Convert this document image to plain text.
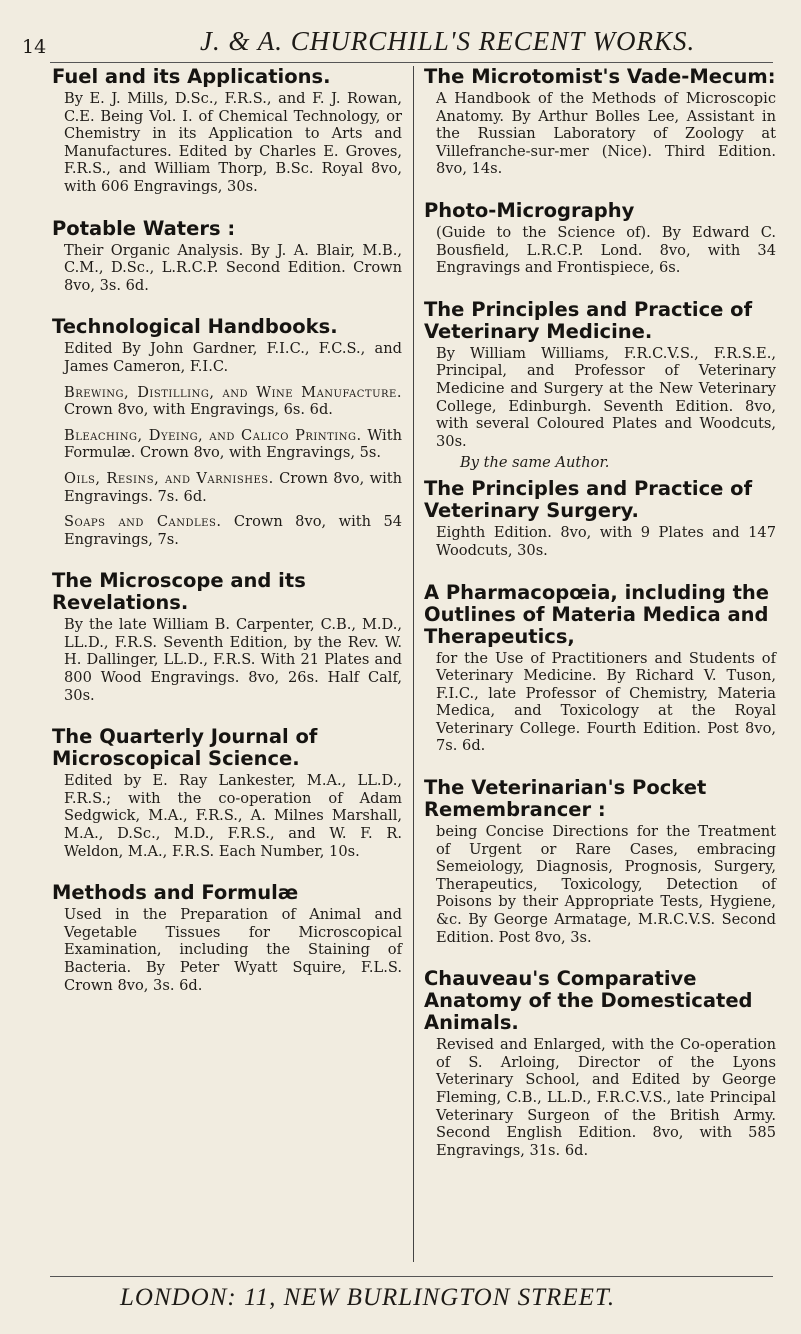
14	J. & A. CHURCHILL'S RECENT WORKS.
Fuel and its Applications.

By E. J. Mills, D.Sc., F.R.S., and F. J. Rowan, C.E. Being Vol. I. of Chemical Technology, or Chemistry in its Application to Arts and Manufactures. Edited by Charles E. Groves, F.R.S., and William Thorp, B.Sc. Royal 8vo, with 606 Engravings, 30s.

Potable Waters :

Their Organic Analysis. By J. A. Blair, M.B., C.M., D.Sc., L.R.C.P. Second Edition. Crown 8vo, 3s. 6d.

Technological Handbooks.

Edited By John Gardner, F.I.C., F.C.S., and James Cameron, F.I.C.

Brewing, Distilling, and Wine Manufacture. Crown 8vo, with Engravings, 6s. 6d.

Bleaching, Dyeing, and Calico Printing. With Formulæ. Crown 8vo, with Engravings, 5s.

Oils, Resins, and Varnishes. Crown 8vo, with Engravings. 7s. 6d.

Soaps and Candles. Crown 8vo, with 54 Engravings, 7s.

The Microscope and its Revelations.

By the late William B. Carpenter, C.B., M.D., LL.D., F.R.S. Seventh Edition, by the Rev. W. H. Dallinger, LL.D., F.R.S. With 21 Plates and 800 Wood Engravings. 8vo, 26s. Half Calf, 30s.

The Quarterly Journal of Microscopical Science.

Edited by E. Ray Lankester, M.A., LL.D., F.R.S.; with the co-operation of Adam Sedgwick, M.A., F.R.S., A. Milnes Marshall, M.A., D.Sc., M.D., F.R.S., and W. F. R. Weldon, M.A., F.R.S. Each Number, 10s.

Methods and Formulæ

Used in the Preparation of Animal and Vegetable Tissues for Microscopical Examination, including the Staining of Bacteria. By Peter Wyatt Squire, F.L.S. Crown 8vo, 3s. 6d.

The Microtomist's Vade-Mecum:

A Handbook of the Methods of Microscopic Anatomy. By Arthur Bolles Lee, Assistant in the Russian Laboratory of Zoology at Villefranche-sur-mer (Nice). Third Edition. 8vo, 14s.

Photo-Micrography

(Guide to the Science of). By Edward C. Bousfield, L.R.C.P. Lond. 8vo, with 34 Engravings and Frontispiece, 6s.

The Principles and Practice of Veterinary Medicine.

By William Williams, F.R.C.V.S., F.R.S.E., Principal, and Professor of Veterinary Medicine and Surgery at the New Veterinary College, Edinburgh. Seventh Edition. 8vo, with several Coloured Plates and Woodcuts, 30s.

By the same Author.

The Principles and Practice of Veterinary Surgery.

Eighth Edition. 8vo, with 9 Plates and 147 Woodcuts, 30s.

A Pharmacopœia, including the Outlines of Materia Medica and Therapeutics,

for the Use of Practitioners and Students of Veterinary Medicine. By Richard V. Tuson, F.I.C., late Professor of Chemistry, Materia Medica, and Toxicology at the Royal Veterinary College. Fourth Edition. Post 8vo, 7s. 6d.

The Veterinarian's Pocket Remembrancer :

being Concise Directions for the Treatment of Urgent or Rare Cases, embracing Semeiology, Diagnosis, Prognosis, Surgery, Therapeutics, Toxicology, Detection of Poisons by their Appropriate Tests, Hygiene, &c. By George Armatage, M.R.C.V.S. Second Edition. Post 8vo, 3s.

Chauveau's Comparative Anatomy of the Domesticated Animals.

Revised and Enlarged, with the Co-operation of S. Arloing, Director of the Lyons Veterinary School, and Edited by George Fleming, C.B., LL.D., F.R.C.V.S., late Principal Veterinary Surgeon of the British Army. Second English Edition. 8vo, with 585 Engravings, 31s. 6d.

LONDON: 11, NEW BURLINGTON STREET.
